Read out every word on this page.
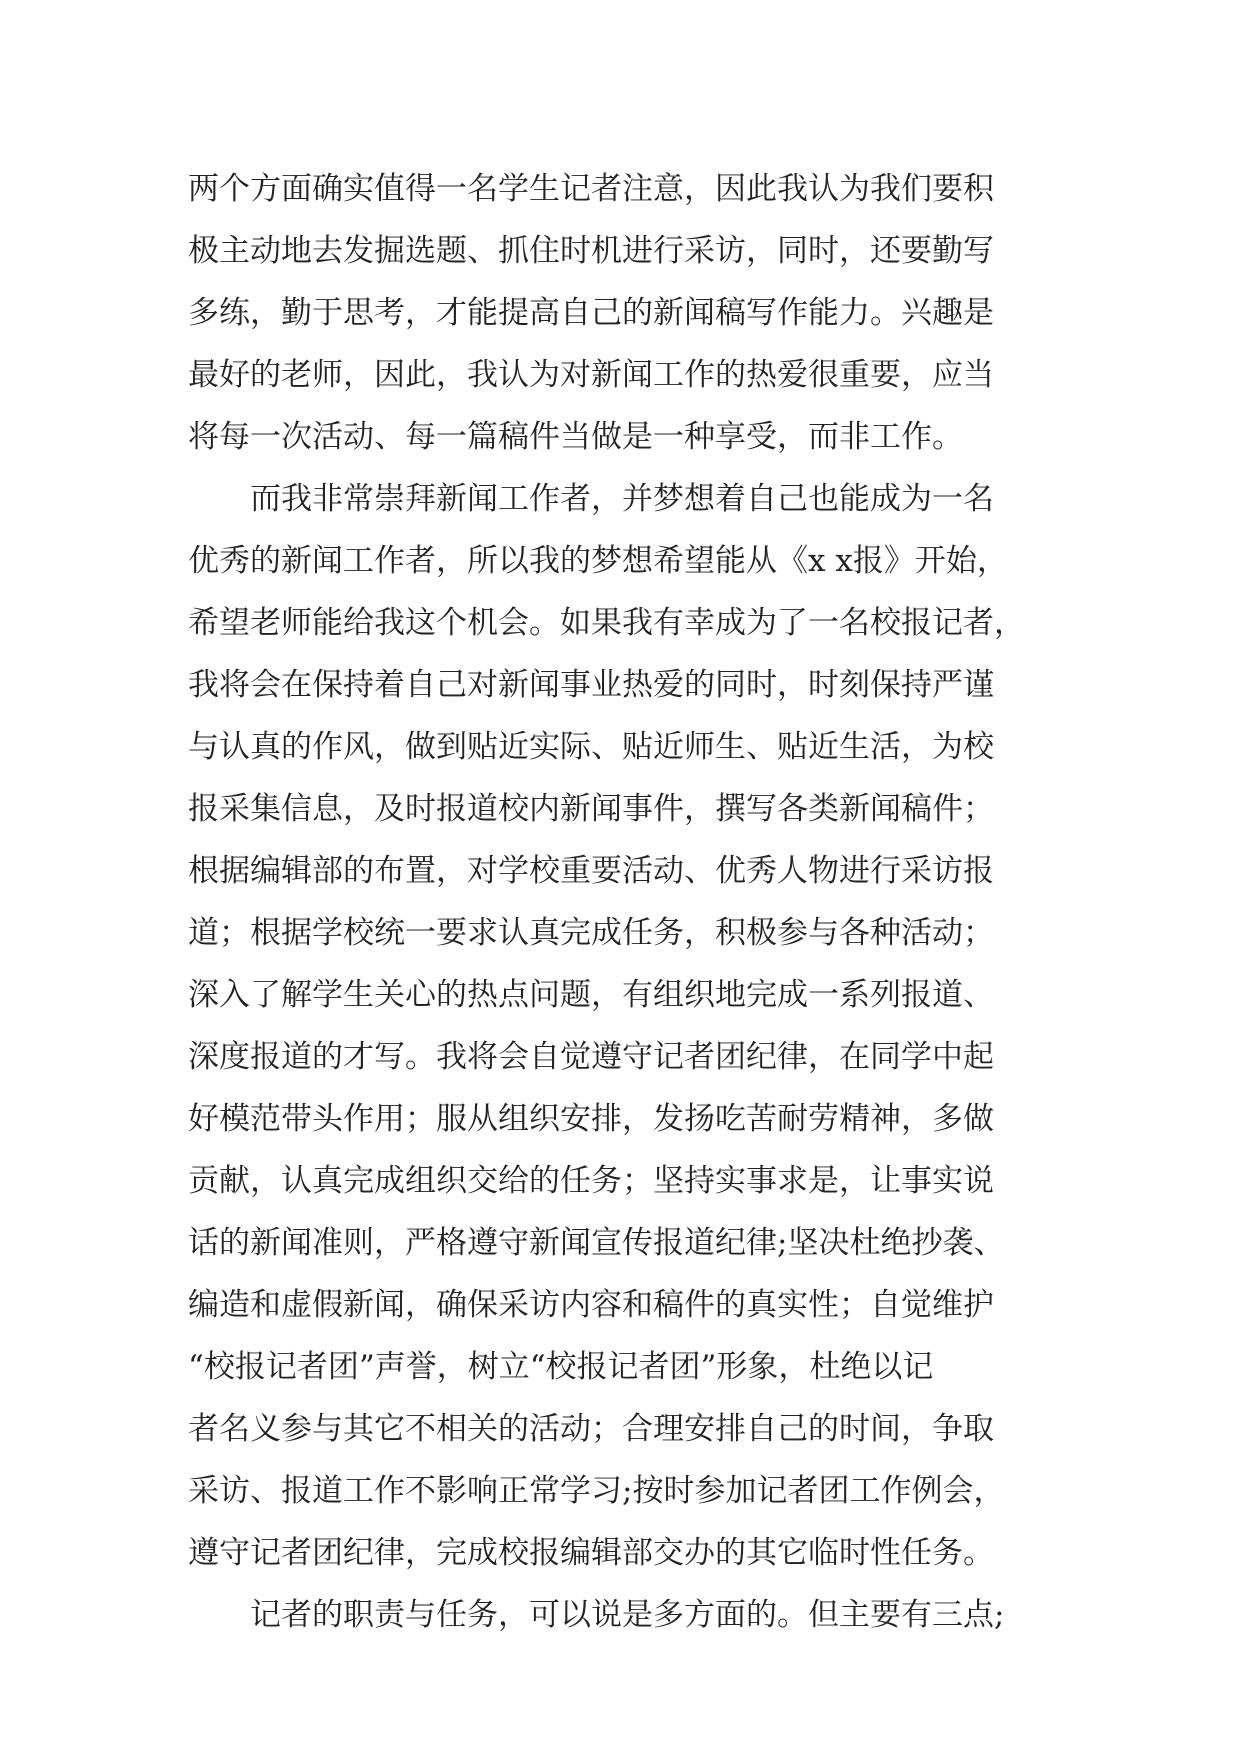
两个方面确实值得一名学生记者注意，因此我认为我们要积
极主动地去发掘选题、抓住时机进行采访，同时，还要勤写
多练，勤于思考，才能提高自己的新闻稿写作能力。兴趣是
最好的老师，因此，我认为对新闻工作的热爱很重要，应当
将每一次活动、每一篇稿件当做是一种享受，而非工作。
　　而我非常崇拜新闻工作者，并梦想着自己也能成为一名
优秀的新闻工作者，所以我的梦想希望能从《x x报》开始，
希望老师能给我这个机会。如果我有幸成为了一名校报记者，
我将会在保持着自己对新闻事业热爱的同时，时刻保持严谨
与认真的作风，做到贴近实际、贴近师生、贴近生活，为校
报采集信息，及时报道校内新闻事件，撰写各类新闻稿件；
根据编辑部的布置，对学校重要活动、优秀人物进行采访报
道；根据学校统一要求认真完成任务，积极参与各种活动；
深入了解学生关心的热点问题，有组织地完成一系列报道、
深度报道的才写。我将会自觉遵守记者团纪律，在同学中起
好模范带头作用；服从组织安排，发扬吃苦耐劳精神，多做
贡献，认真完成组织交给的任务；坚持实事求是，让事实说
话的新闻准则，严格遵守新闻宣传报道纪律;坚决杜绝抄袭、
编造和虚假新闻，确保采访内容和稿件的真实性；自觉维护
“校报记者团”声誉，树立“校报记者团”形象，杜绝以记
者名义参与其它不相关的活动；合理安排自己的时间，争取
采访、报道工作不影响正常学习;按时参加记者团工作例会，
遵守记者团纪律，完成校报编辑部交办的其它临时性任务。
　　记者的职责与任务，可以说是多方面的。但主要有三点;
